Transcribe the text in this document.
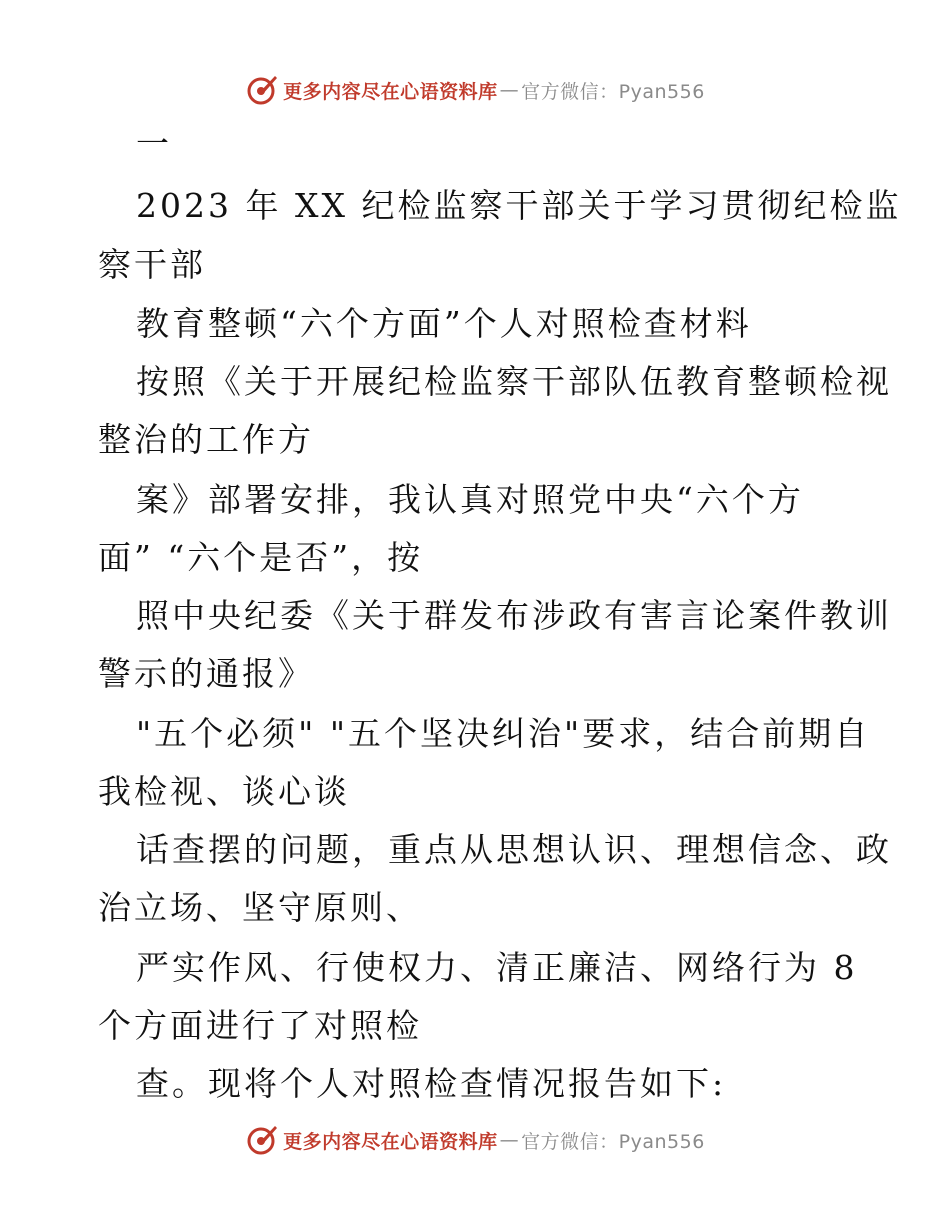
更多内容尽在心语资料库 — 官方微信：Pyan556
一
2023 年 XX 纪检监察干部关于学习贯彻纪检监
察干部
教育整顿“六个方面”个人对照检查材料
按照《关于开展纪检监察干部队伍教育整顿检视
整治的工作方
案》部署安排，我认真对照党中央“六个方
面” “六个是否”，按
照中央纪委《关于群发布涉政有害言论案件教训
警示的通报》
"五个必须" "五个坚决纠治"要求，结合前期自
我检视、谈心谈
话查摆的问题，重点从思想认识、理想信念、政
治立场、坚守原则、
严实作风、行使权力、清正廉洁、网络行为 8
个方面进行了对照检
查。现将个人对照检查情况报告如下:
更多内容尽在心语资料库 — 官方微信：Pyan556
